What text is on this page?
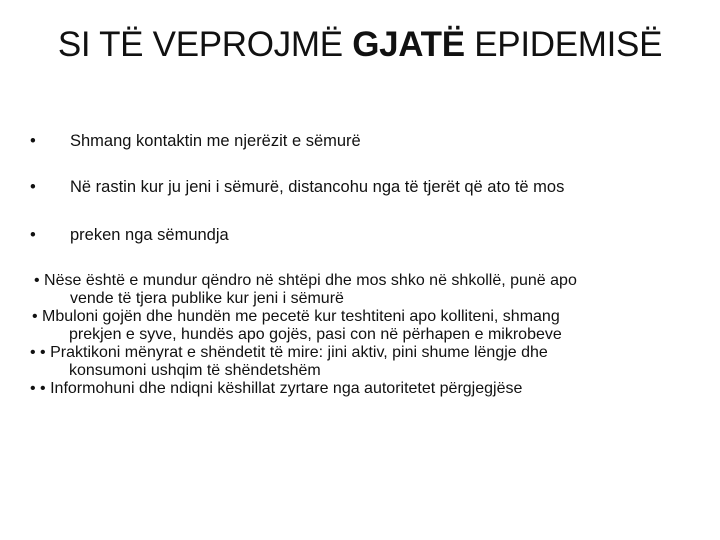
SI TË VEPROJMË GJATË EPIDEMISË
• Shmang kontaktin me njerëzit e sëmurë
• Në rastin kur ju jeni i sëmurë, distancohu nga të tjerët që ato të mos
• preken nga sëmundja
• Nëse është e mundur qëndro në shtëpi dhe mos shko në shkollë, punë apo
vende të tjera publike kur jeni i sëmurë
• Mbuloni gojën dhe hundën me pecetë kur teshtiteni apo kolliteni, shmang
prekjen e syve, hundës apo gojës, pasi con në përhapen e mikrobeve
• • Praktikoni mënyrat e shëndetit të mire: jini aktiv, pini shume lëngje dhe
konsumoni ushqim të shëndetshëm
• • Informohuni dhe ndiqni këshillat zyrtare nga autoritetet përgjegjëse
